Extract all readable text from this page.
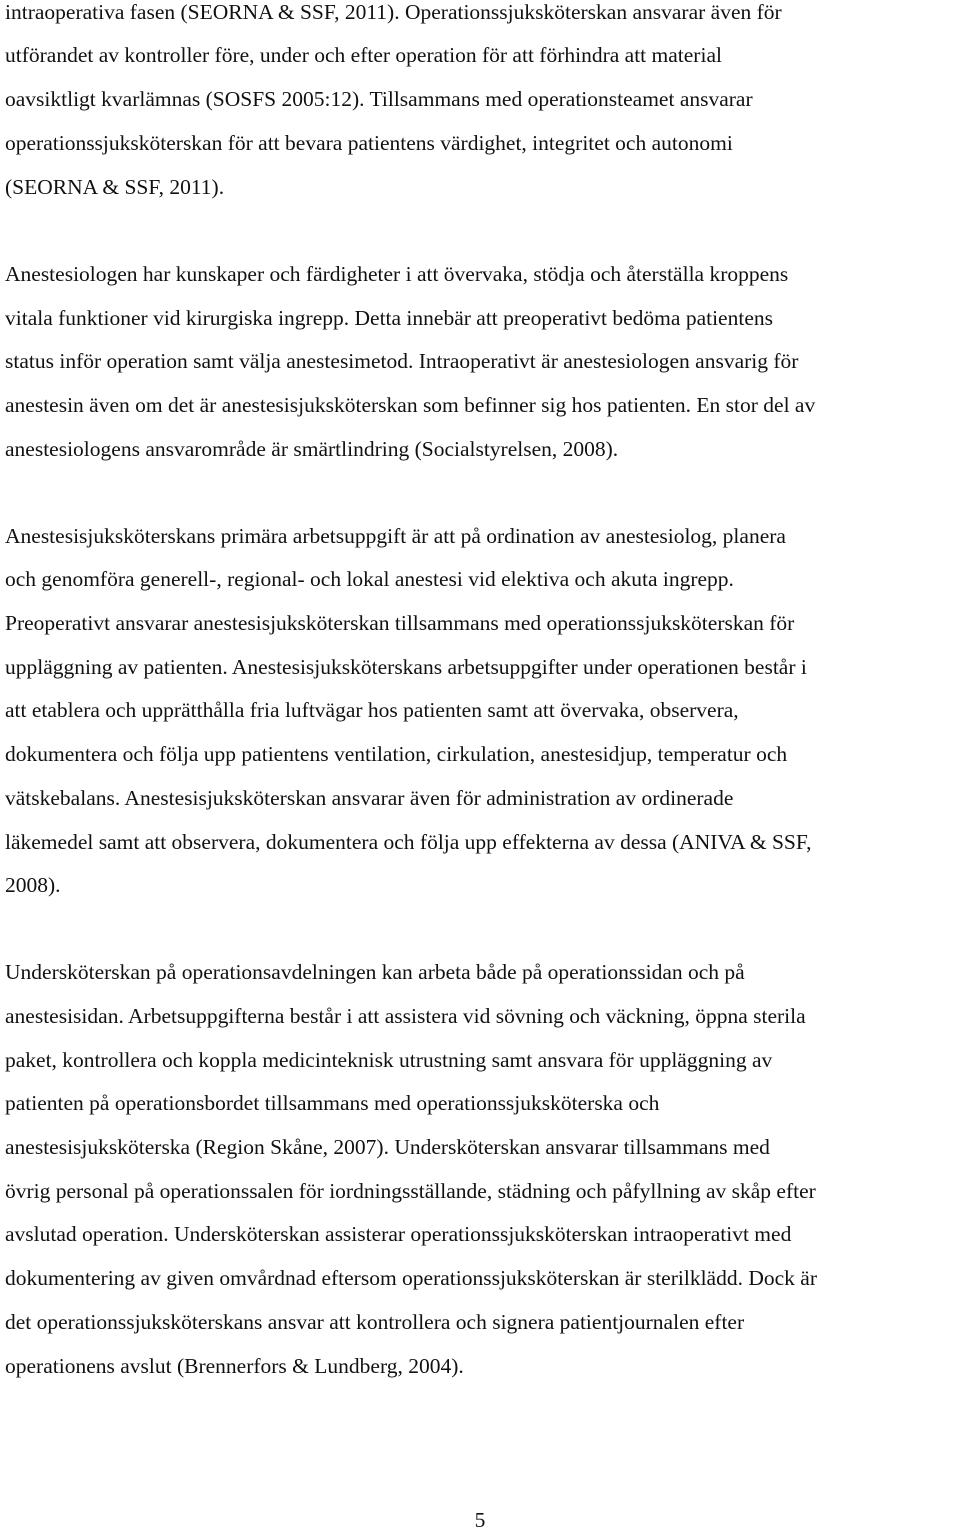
intraoperativa fasen (SEORNA & SSF, 2011). Operationssjuksköterskan ansvarar även för
utförandet av kontroller före, under och efter operation för att förhindra att material
oavsiktligt kvarlämnas (SOSFS 2005:12). Tillsammans med operationsteamet ansvarar
operationssjuksköterskan för att bevara patientens värdighet, integritet och autonomi
(SEORNA & SSF, 2011).
Anestesiologen har kunskaper och färdigheter i att övervaka, stödja och återställa kroppens
vitala funktioner vid kirurgiska ingrepp. Detta innebär att preoperativt bedöma patientens
status inför operation samt välja anestesimetod. Intraoperativt är anestesiologen ansvarig för
anestesin även om det är anestesisjuksköterskan som befinner sig hos patienten. En stor del av
anestesiologens ansvarområde är smärtlindring (Socialstyrelsen, 2008).
Anestesisjuksköterskans primära arbetsuppgift är att på ordination av anestesiolog, planera
och genomföra generell-, regional- och lokal anestesi vid elektiva och akuta ingrepp.
Preoperativt ansvarar anestesisjuksköterskan tillsammans med operationssjuksköterskan för
uppläggning av patienten. Anestesisjuksköterskans arbetsuppgifter under operationen består i
att etablera och upprätthålla fria luftvägar hos patienten samt att övervaka, observera,
dokumentera och följa upp patientens ventilation, cirkulation, anestesidjup, temperatur och
vätskebalans. Anestesisjuksköterskan ansvarar även för administration av ordinerade
läkemedel samt att observera, dokumentera och följa upp effekterna av dessa (ANIVA & SSF,
2008).
Undersköterskan på operationsavdelningen kan arbeta både på operationssidan och på
anestesisidan. Arbetsuppgifterna består i att assistera vid sövning och väckning, öppna sterila
paket, kontrollera och koppla medicinteknisk utrustning samt ansvara för uppläggning av
patienten på operationsbordet tillsammans med operationssjuksköterska och
anestesisjuksköterska (Region Skåne, 2007). Undersköterskan ansvarar tillsammans med
övrig personal på operationssalen för iordningsställande, städning och påfyllning av skåp efter
avslutad operation. Undersköterskan assisterar operationssjuksköterskan intraoperativt med
dokumentering av given omvårdnad eftersom operationssjuksköterskan är sterilklädd. Dock är
det operationssjuksköterskans ansvar att kontrollera och signera patientjournalen efter
operationens avslut (Brennerfors & Lundberg, 2004).
5
